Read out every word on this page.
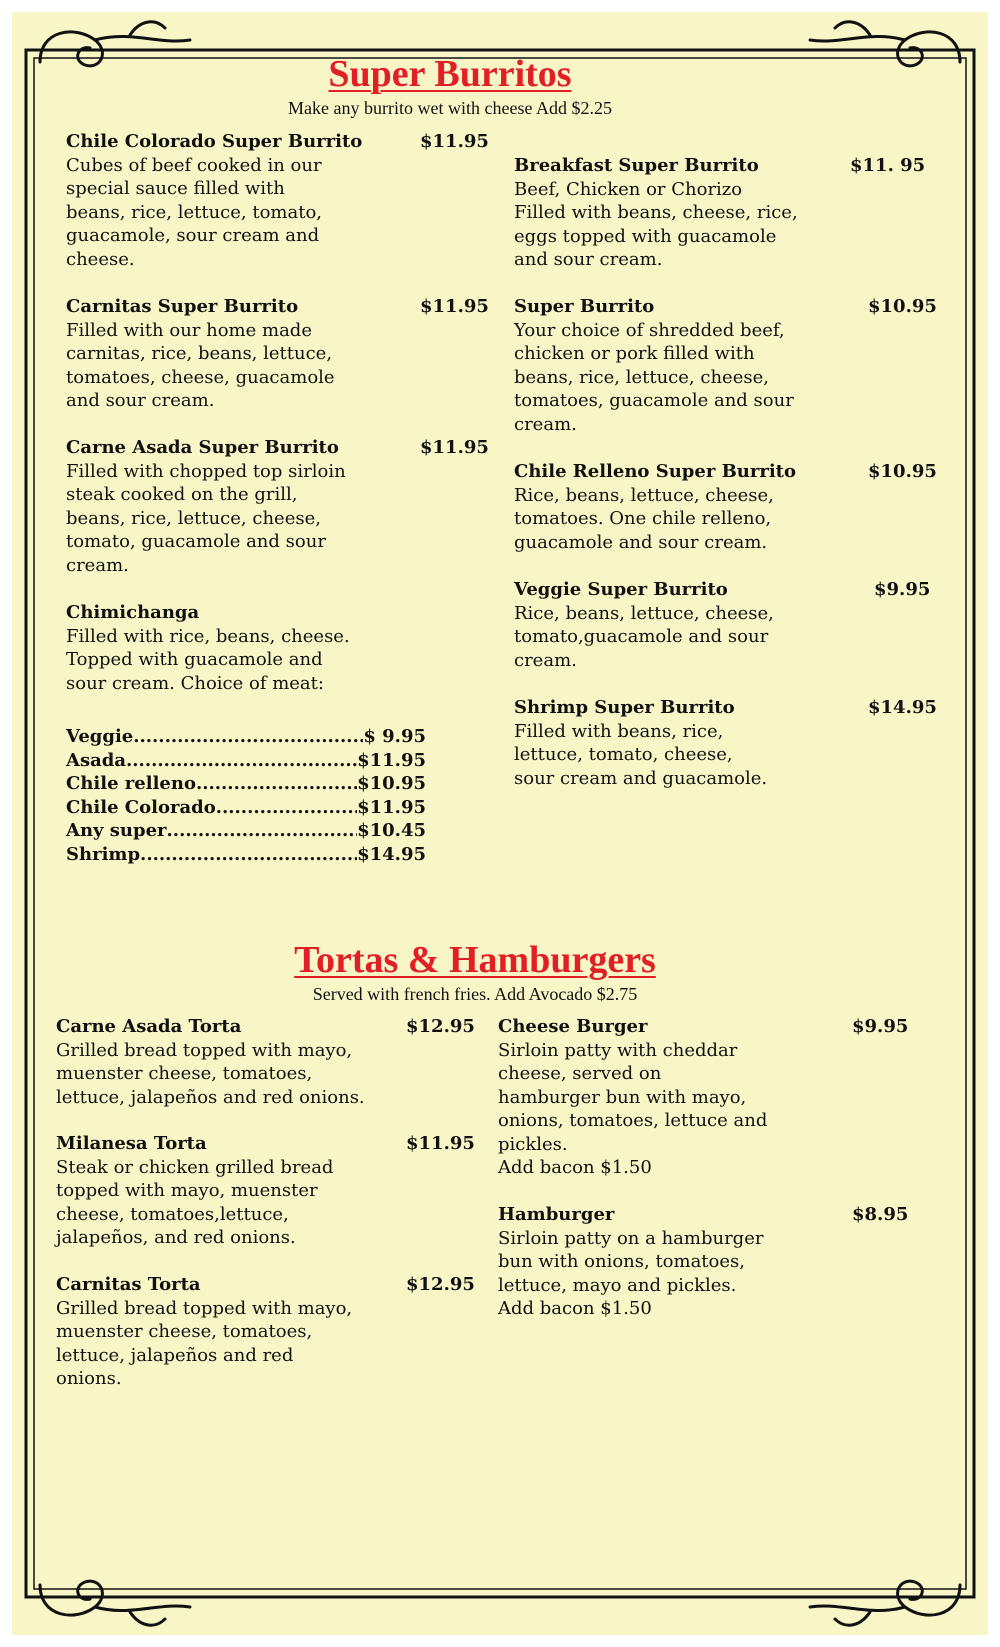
Super Burritos

Make any burrito wet with cheese Add $2.25

Chile Colorado Super Burrito
Cubes of beef cooked in our
special sauce filled with
beans, rice, lettuce, tomato,
guacamole, sour cream and
cheese.
$11.95
Carnitas Super Burrito
Filled with our home made
carnitas, rice, beans, lettuce,
tomatoes, cheese, guacamole
and sour cream.
$11.95
Carne Asada Super Burrito
Filled with chopped top sirloin
steak cooked on the grill,
beans, rice, lettuce, cheese,
tomato, guacamole and sour
cream.
$11.95
Chimichanga
Filled with rice, beans, cheese.
Topped with guacamole and
sour cream. Choice of meat:
Veggie .....	$ 9.95
Asada .....	$11.95
Chile relleno .....	$10.95
Chile Colorado .....	$11.95
Any super .....	$10.45
Shrimp .....	$14.95
Breakfast Super Burrito
Beef, Chicken or Chorizo
Filled with beans, cheese, rice,
eggs topped with guacamole
and sour cream.
$11. 95
Super Burrito
Your choice of shredded beef,
chicken or pork filled with
beans, rice, lettuce, cheese,
tomatoes, guacamole and sour
cream.
$10.95
Chile Relleno Super Burrito
Rice, beans, lettuce, cheese,
tomatoes. One chile relleno,
guacamole and sour cream.
$10.95
Veggie Super Burrito
Rice, beans, lettuce, cheese,
tomato,guacamole and sour
cream.
$9.95
Shrimp Super Burrito
Filled with beans, rice,
lettuce, tomato, cheese,
sour cream and guacamole.
$14.95
Tortas & Hamburgers

Served with french fries. Add Avocado $2.75

Carne Asada Torta
Grilled bread topped with mayo,
muenster cheese, tomatoes,
lettuce, jalapeños and red onions.
$12.95
Milanesa Torta
Steak or chicken grilled bread
topped with mayo, muenster
cheese, tomatoes,lettuce,
jalapeños, and red onions.
$11.95
Carnitas Torta
Grilled bread topped with mayo,
muenster cheese, tomatoes,
lettuce, jalapeños and red
onions.
$12.95
Cheese Burger
Sirloin patty with cheddar
cheese, served on
hamburger bun with mayo,
onions, tomatoes, lettuce and
pickles.
Add bacon $1.50
$9.95
Hamburger
Sirloin patty on a hamburger
bun with onions, tomatoes,
lettuce, mayo and pickles.
Add bacon $1.50
$8.95
